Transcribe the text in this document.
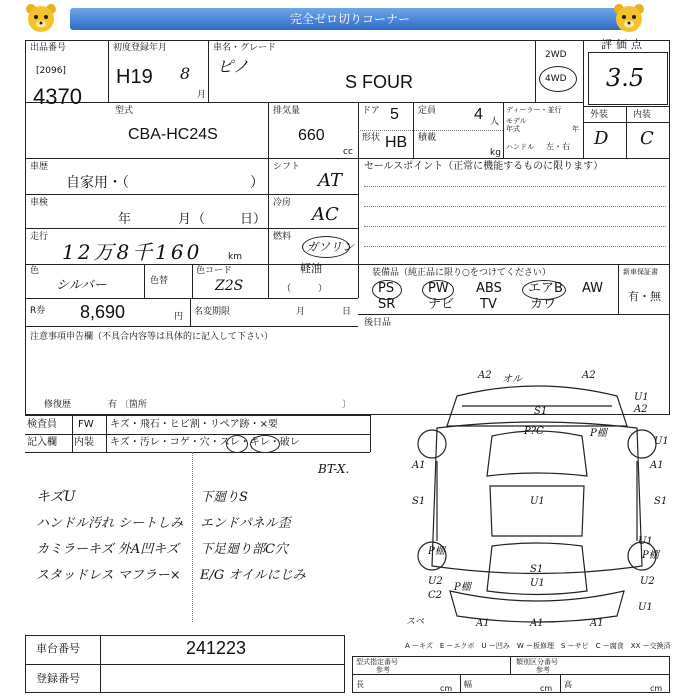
完全ゼロ切りコーナー
出品番号
[2096]
4370
初度登録年月
H19 8
月
車名・グレード
ピノ
S FOUR
2WD
4WD
評価点
3.5
外装	内装
D C
型式
CBA-HC24S
排気量
660
cc
ドア 5 定員 4 人
形状 HB 積載
kg
ディーラー・並行
モデル
年式	年
ハンドル 左・右
車歴
自家用・（	）
シフト
AT
車検
年	月 （	日）
冷房
AC
走行
12万8千160	km
燃料
ガソリン
軽油
（　　　）
色
シルバー	色替
色コード
Z2S
R券 8,690	円 名変期限	月	日
注意事項申告欄（不具合内容等は具体的に記入して下さい）
修復歴	有 〔箇所	〕
セールスポイント（正常に機能するものに限ります）
装備品（純正品に限り○をつけてください）
PS	PW ABS エアB AW
SR	ナビ TV	カワ
新車保証書
有・無
後日品
検査員
記入欄
FW キズ・飛石・ヒビ割・リペア跡・×要
内装 キズ・汚レ・コゲ・穴・スレ・キレ・破レ
キズU
ハンドル汚れ シートしみ
カミラーキズ 外A凹キズ
スタッドレス マフラー×
BT-X.
下廻りS
エンドパネル歪
下足廻り部C穴
E/G オイルにじみ
A2 オル	A2
S1
P?C	P棚
U1
A2
A1	A1
U1
S1	S1
U1
P棚
U2
P棚
U1
P棚
S1
U1	U2
C2
A1	A1	A1
U1
スペ
A ーキズ　E ーエクボ　U ー凹み　W ー板修理　S ーサビ　C ー腐食　XX ー交換済
車台番号	241223
登録番号
型式指定番号
参考
類別区分番号
参考
長	cm 幅	cm 高	cm
